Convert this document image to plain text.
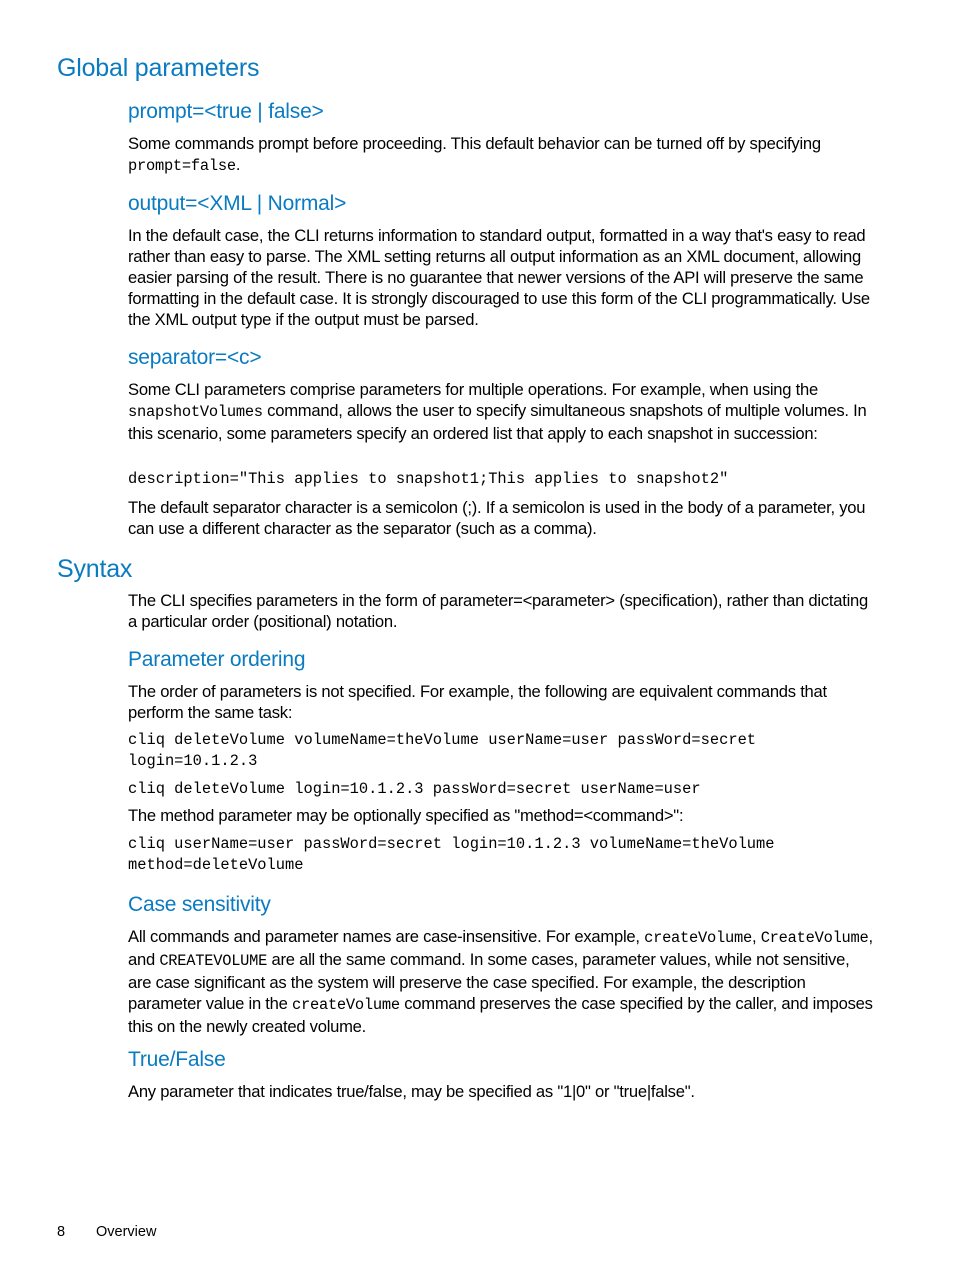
Global parameters
prompt=<true | false>

Some commands prompt before proceeding. This default behavior can be turned off by specifying
prompt=false.

output=<XML | Normal>

In the default case, the CLI returns information to standard output, formatted in a way that's easy to read rather than easy to parse. The XML setting returns all output information as an XML document, allowing easier parsing of the result. There is no guarantee that newer versions of the API will preserve the same formatting in the default case. It is strongly discouraged to use this form of the CLI programmatically. Use the XML output type if the output must be parsed.

separator=<c>

Some CLI parameters comprise parameters for multiple operations. For example, when using the snapshotVolumes command, allows the user to specify simultaneous snapshots of multiple volumes. In this scenario, some parameters specify an ordered list that apply to each snapshot in succession:

description="This applies to snapshot1;This applies to snapshot2"

The default separator character is a semicolon (;). If a semicolon is used in the body of a parameter, you can use a different character as the separator (such as a comma).

Syntax

The CLI specifies parameters in the form of parameter=<parameter> (specification), rather than dictating a particular order (positional) notation.

Parameter ordering

The order of parameters is not specified. For example, the following are equivalent commands that perform the same task:

cliq deleteVolume volumeName=theVolume userName=user passWord=secret
login=10.1.2.3
cliq deleteVolume login=10.1.2.3 passWord=secret userName=user

The method parameter may be optionally specified as "method=<command>":

cliq userName=user passWord=secret login=10.1.2.3 volumeName=theVolume
method=deleteVolume
Case sensitivity

All commands and parameter names are case-insensitive. For example, createVolume, CreateVolume, and CREATEVOLUME are all the same command. In some cases, parameter values, while not sensitive, are case significant as the system will preserve the case specified. For example, the description parameter value in the createVolume command preserves the case specified by the caller, and imposes this on the newly created volume.

True/False

Any parameter that indicates true/false, may be specified as "1|0" or "true|false".

8 Overview
